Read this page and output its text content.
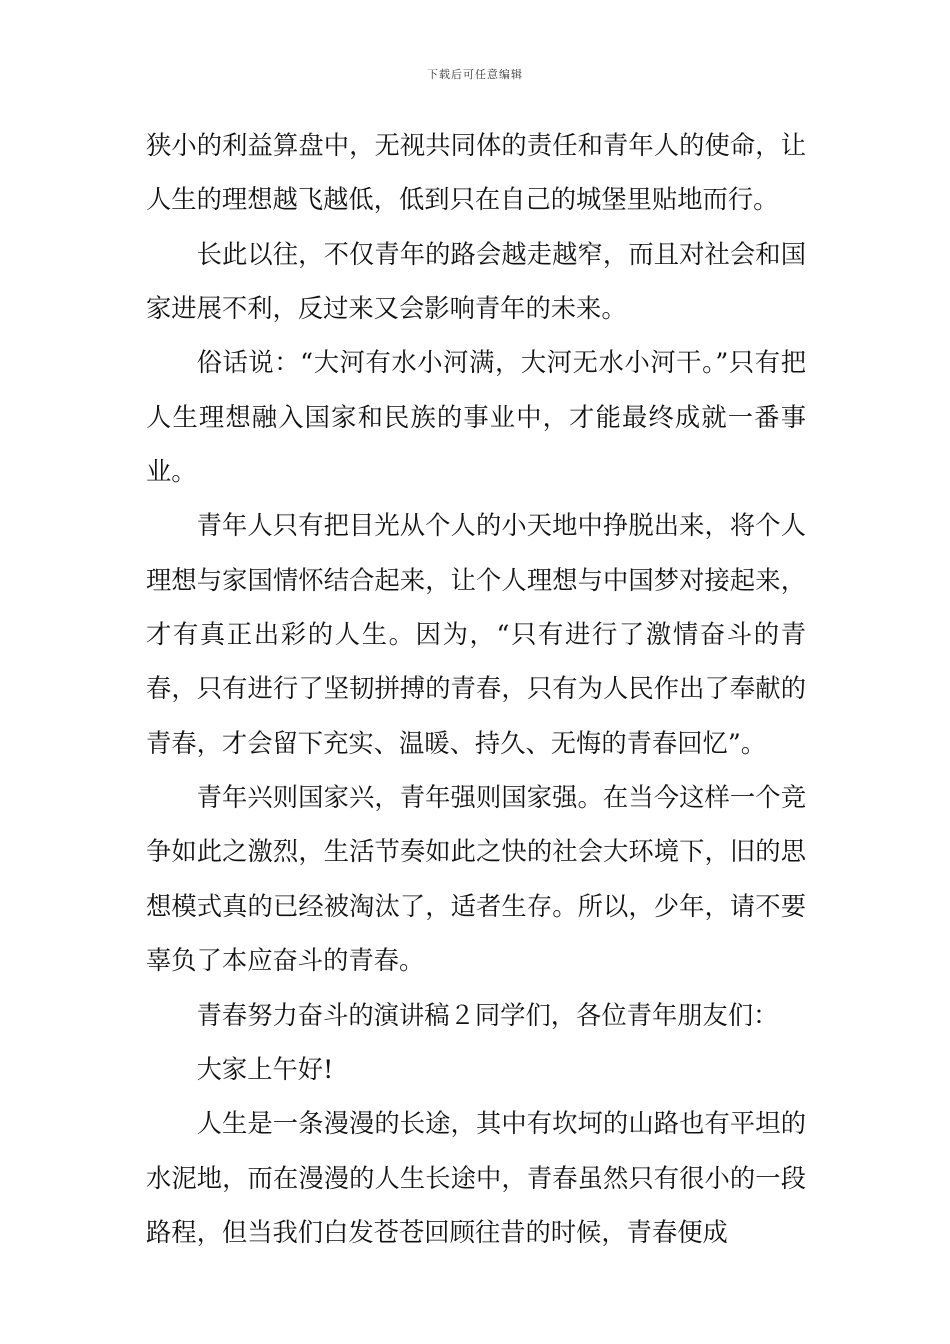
下载后可任意编辑

狭小的利益算盘中，无视共同体的责任和青年人的使命，让人生的理想越飞越低，低到只在自己的城堡里贴地而行。

长此以往，不仅青年的路会越走越窄，而且对社会和国家进展不利，反过来又会影响青年的未来。

俗话说：“大河有水小河满，大河无水小河干。”只有把人生理想融入国家和民族的事业中，才能最终成就一番事业。

青年人只有把目光从个人的小天地中挣脱出来，将个人理想与家国情怀结合起来，让个人理想与中国梦对接起来，才有真正出彩的人生。因为，“只有进行了激情奋斗的青春，只有进行了坚韧拼搏的青春，只有为人民作出了奉献的青春，才会留下充实、温暖、持久、无悔的青春回忆”。

青年兴则国家兴，青年强则国家强。在当今这样一个竞争如此之激烈，生活节奏如此之快的社会大环境下，旧的思想模式真的已经被淘汰了，适者生存。所以，少年，请不要辜负了本应奋斗的青春。

青春努力奋斗的演讲稿２同学们，各位青年朋友们：

大家上午好!

人生是一条漫漫的长途，其中有坎坷的山路也有平坦的水泥地，而在漫漫的人生长途中，青春虽然只有很小的一段路程，但当我们白发苍苍回顾往昔的时候，青春便成
